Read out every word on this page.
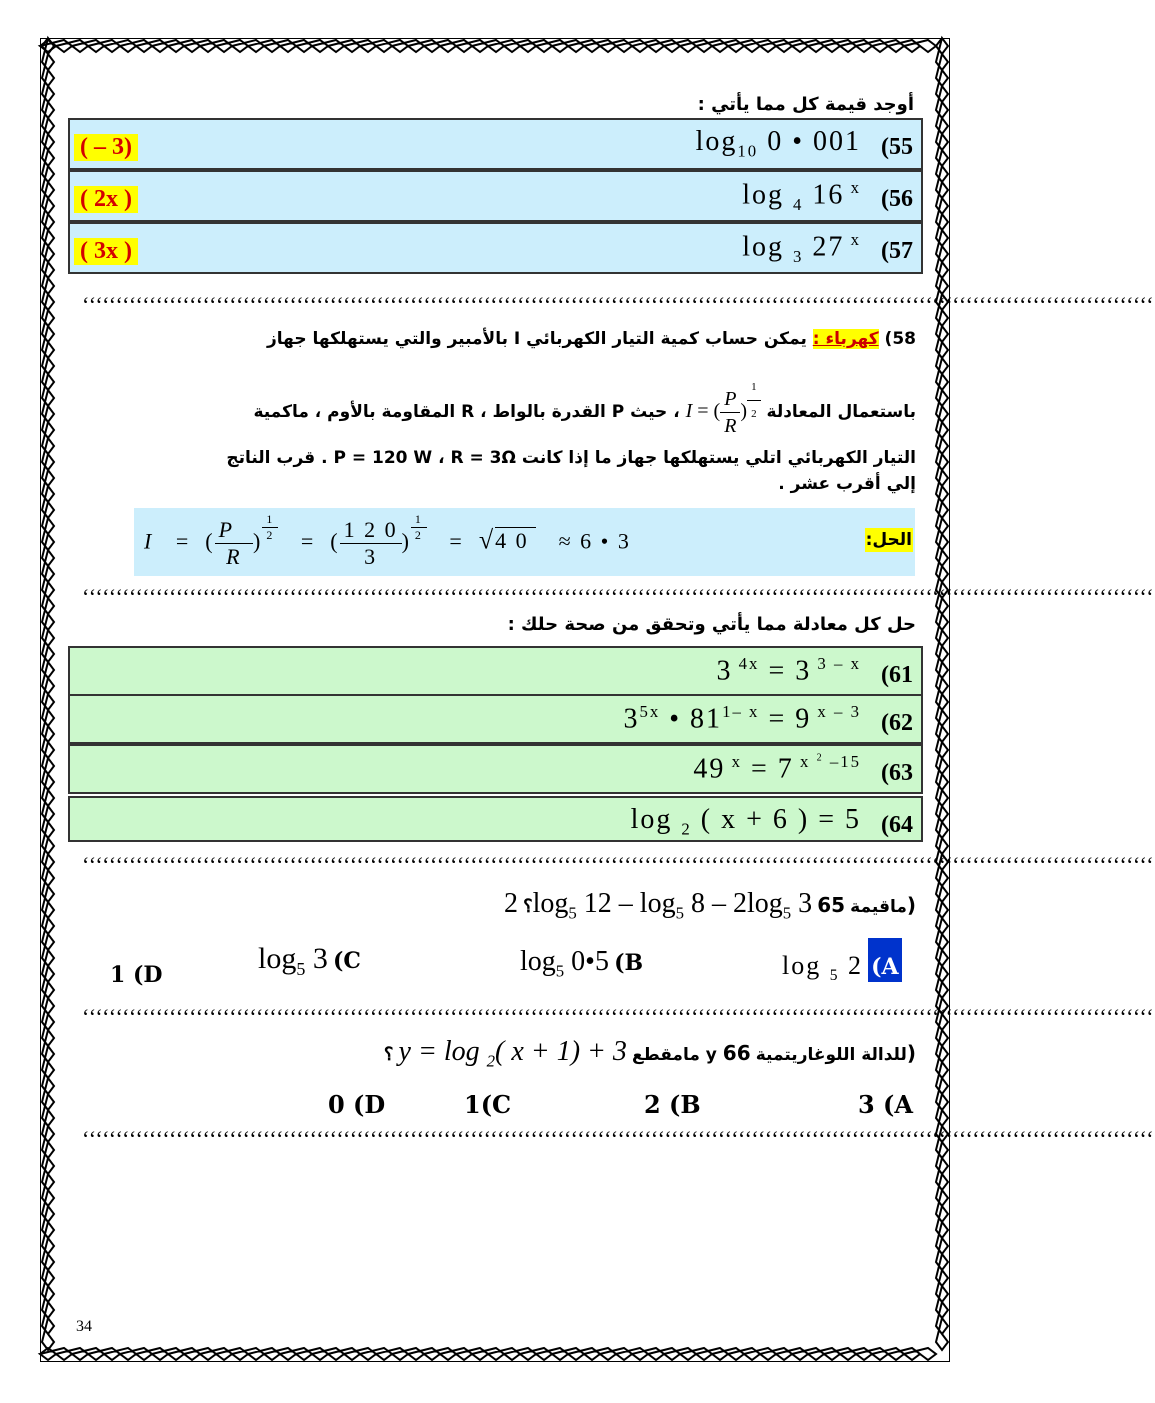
أوجد قيمة كل مما يأتي :
(55
$\log_{10} 0$ • 001
( – 3)
(56
log $_4$ 16 $^x$
( 2x )
(57
log $_3$ 27 $^x$
( 3x )
‘‘‘‘‘‘‘‘‘‘‘‘‘‘‘‘‘‘‘‘‘‘‘‘‘‘‘‘‘‘‘‘‘‘‘‘‘‘‘‘‘‘‘‘‘‘‘‘‘‘‘‘‘‘‘‘‘‘‘‘‘‘‘‘‘‘‘‘‘‘‘‘‘‘‘‘‘‘‘‘‘‘‘‘‘‘‘‘‘‘‘‘‘‘‘‘‘‘‘‘‘‘‘‘‘‘‘‘‘‘‘‘‘‘‘‘‘‘‘‘‘‘‘‘‘‘‘‘‘‘‘‘‘‘‘‘‘‘‘‘‘‘‘‘‘‘‘‘‘‘‘‘‘‘‘‘‘‘‘‘
58) كهرباء : يمكن حساب كمية التيار الكهربائي I بالأمبير والتي يستهلكها جهاز
باستعمال المعادلة I = ( $\frac{P}{R}$ ) $^{\frac{1}{2}}$
، حيث P القدرة بالواط ، R المقاومة بالأوم ، ماكمية
التيار الكهربائي اتلي يستهلكها جهاز ما إذا كانت P = 120 W ، R = 3Ω . قرب الناتج
إلي أقرب عشر .
الحل:
I   =  ( $\frac{P}{R}$ ) $^{\frac{1}{2}}$ =  ( $\frac{1 2 0}{3}$ ) $^{\frac{1}{2}}$ =  √4 0    ≈ 6 • 3
‘‘‘‘‘‘‘‘‘‘‘‘‘‘‘‘‘‘‘‘‘‘‘‘‘‘‘‘‘‘‘‘‘‘‘‘‘‘‘‘‘‘‘‘‘‘‘‘‘‘‘‘‘‘‘‘‘‘‘‘‘‘‘‘‘‘‘‘‘‘‘‘‘‘‘‘‘‘‘‘‘‘‘‘‘‘‘‘‘‘‘‘‘‘‘‘‘‘‘‘‘‘‘‘‘‘‘‘‘‘‘‘‘‘‘‘‘‘‘‘‘‘‘‘‘‘‘‘‘‘‘‘‘‘‘‘‘‘‘‘‘‘‘‘‘‘‘‘‘‘‘‘‘‘‘‘‘‘‘‘
حل كل معادلة مما يأتي وتحقق من صحة حلك :
(61
3 $^{4x}$ = 3 $^{3 - x}$
(62
$3^{5x}$ • $81^{1- x} = 9$ $^{x - 3}$
(63
49 $^x$ = 7 $^{x ^2 -15}$
(64
log $_2$ ( x + 6 ) = 5
‘‘‘‘‘‘‘‘‘‘‘‘‘‘‘‘‘‘‘‘‘‘‘‘‘‘‘‘‘‘‘‘‘‘‘‘‘‘‘‘‘‘‘‘‘‘‘‘‘‘‘‘‘‘‘‘‘‘‘‘‘‘‘‘‘‘‘‘‘‘‘‘‘‘‘‘‘‘‘‘‘‘‘‘‘‘‘‘‘‘‘‘‘‘‘‘‘‘‘‘‘‘‘‘‘‘‘‘‘‘‘‘‘‘‘‘‘‘‘‘‘‘‘‘‘‘‘‘‘‘‘‘‘‘‘‘‘‘‘‘‘‘‘‘‘‘‘‘‘‘‘‘‘‘‘‘‘‘‘‘
؟ $2\log_5$ $12 - \log_5 8 - 2\log_5$ 3 ماقيمة 65)
log $_5$ 2 (A
$\log_5$ 0•5 (B
$\log_5 3$ (C
1 (D
‘‘‘‘‘‘‘‘‘‘‘‘‘‘‘‘‘‘‘‘‘‘‘‘‘‘‘‘‘‘‘‘‘‘‘‘‘‘‘‘‘‘‘‘‘‘‘‘‘‘‘‘‘‘‘‘‘‘‘‘‘‘‘‘‘‘‘‘‘‘‘‘‘‘‘‘‘‘‘‘‘‘‘‘‘‘‘‘‘‘‘‘‘‘‘‘‘‘‘‘‘‘‘‘‘‘‘‘‘‘‘‘‘‘‘‘‘‘‘‘‘‘‘‘‘‘‘‘‘‘‘‘‘‘‘‘‘‘‘‘‘‘‘‘‘‘‘‘‘‘‘‘‘‘‘‘‘‘‘‘
؟ y = log $_2$( x + 1) + 3 مامقطع y للدالة اللوغاريتمية 66)
3 (A
2 (B
1(C
0 (D
‘‘‘‘‘‘‘‘‘‘‘‘‘‘‘‘‘‘‘‘‘‘‘‘‘‘‘‘‘‘‘‘‘‘‘‘‘‘‘‘‘‘‘‘‘‘‘‘‘‘‘‘‘‘‘‘‘‘‘‘‘‘‘‘‘‘‘‘‘‘‘‘‘‘‘‘‘‘‘‘‘‘‘‘‘‘‘‘‘‘‘‘‘‘‘‘‘‘‘‘‘‘‘‘‘‘‘‘‘‘‘‘‘‘‘‘‘‘‘‘‘‘‘‘‘‘‘‘‘‘‘‘‘‘‘‘‘‘‘‘‘‘‘‘‘‘‘‘‘‘‘‘‘‘‘‘‘‘‘‘
34
